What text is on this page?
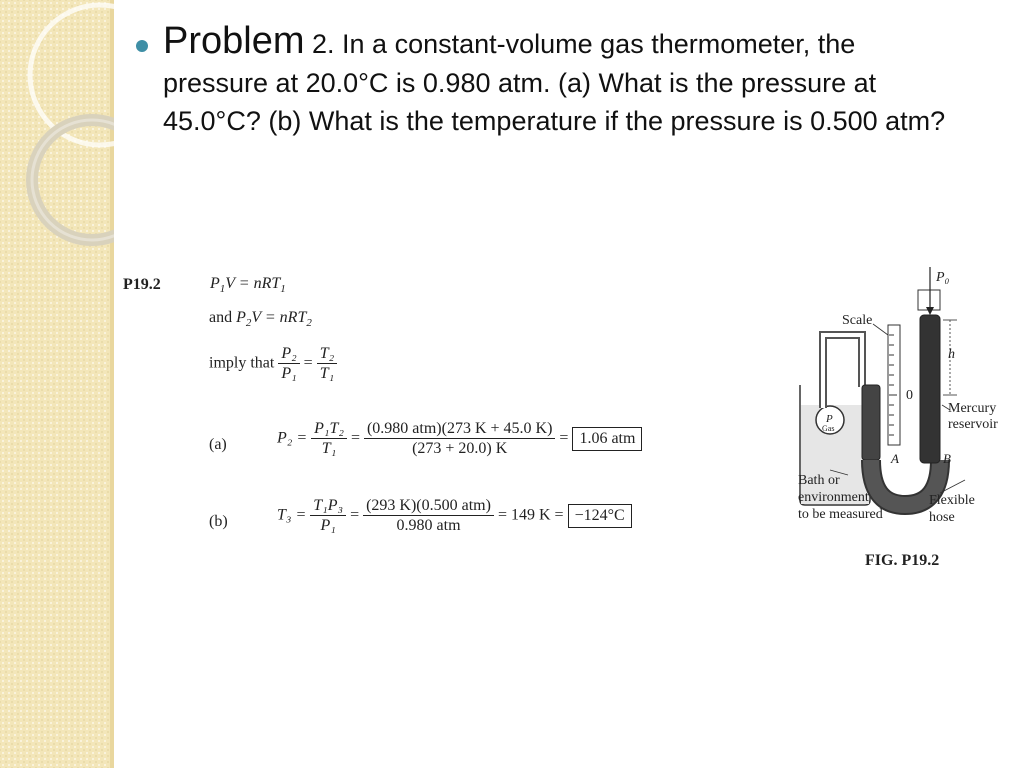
Problem 2. In a constant-volume gas thermometer, the pressure at 20.0°C is 0.980 atm. (a) What is the pressure at 45.0°C? (b) What is the temperature if the pressure is 0.500 atm?
P19.2	$P_1V = nRT_1$
and $P_2V = nRT_2$
imply that $\frac{\text{P₂}}{\text{P₁}} = \frac{\text{T₂}}{\text{T₁}}$
(a)	$P_2 = \frac{\text{P₁T₂}}{\text{T₁}} = \frac{\text{(0.980 atm)(273 K + 45.0 K)}}{(273 + 20.0) K} = 1.06$ atm
(b)	$T_3 = \frac{\text{T₁P₃}}{\text{P₁}} = \frac{\text{(293 K)(0.500 atm)}}{\text{0.980 atm}} = 149$ K = −124°C
P₀
Scale
h
0
P
Gas
A	B
Mercury
reservoir
Bath or
environment
to be measured
Flexible
hose
FIG. P19.2
